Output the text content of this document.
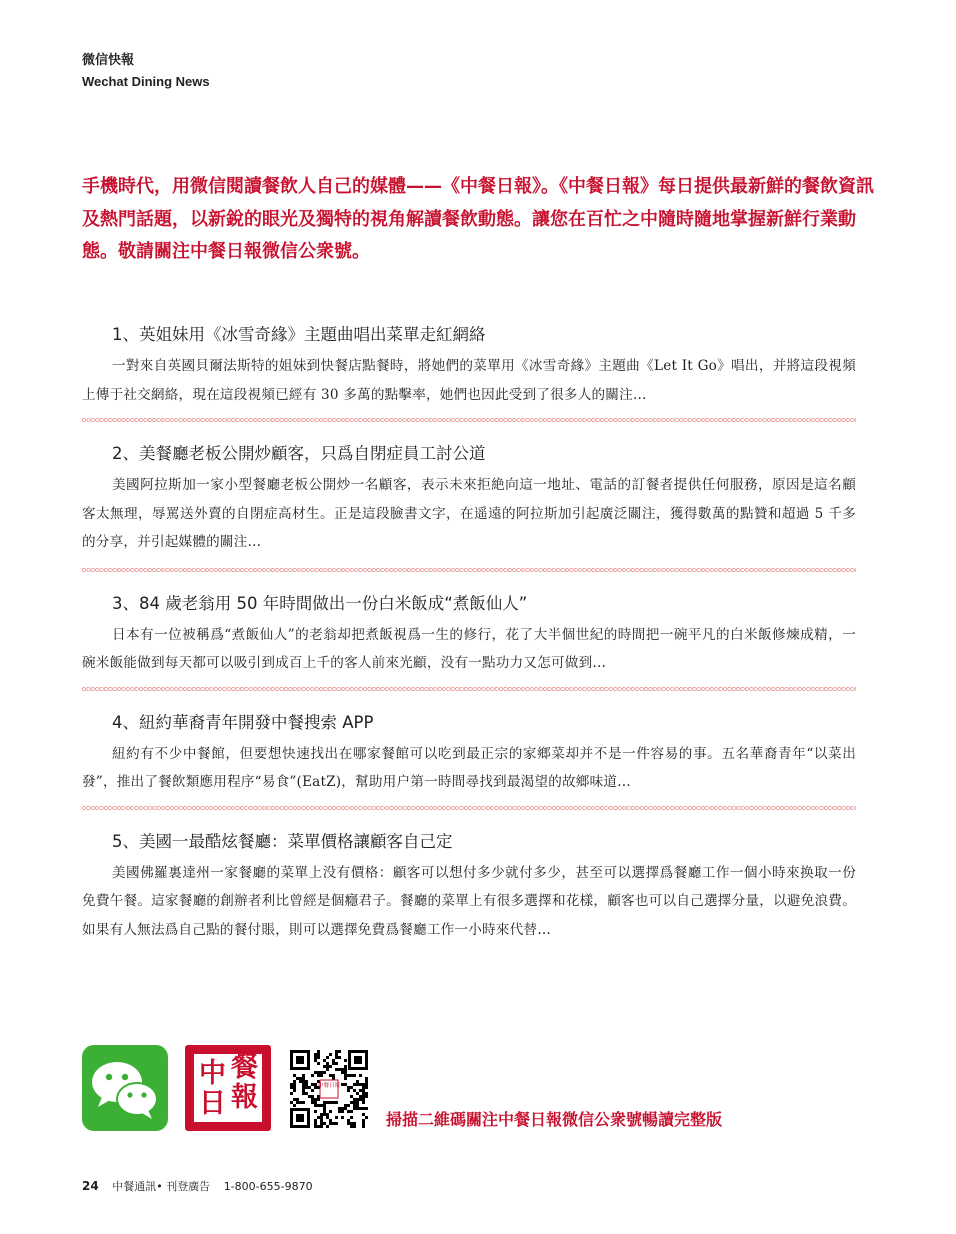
微信快報
Wechat Dining News
手機時代，用微信閱讀餐飲人自己的媒體——《中餐日報》。《中餐日報》每日提供最新鮮的餐飲資訊及熱門話題，以新銳的眼光及獨特的視角解讀餐飲動態。讓您在百忙之中隨時隨地掌握新鮮行業動態。敬請關注中餐日報微信公衆號。
1、英姐妹用《冰雪奇緣》主題曲唱出菜單走紅網絡

一對來自英國貝爾法斯特的姐妹到快餐店點餐時，將她們的菜單用《冰雪奇緣》主題曲《Let It Go》唱出，并將這段視頻上傳于社交網絡，現在這段視頻已經有 30 多萬的點擊率，她們也因此受到了很多人的關注…

2、美餐廳老板公開炒顧客，只爲自閉症員工討公道

美國阿拉斯加一家小型餐廳老板公開炒一名顧客，表示未來拒絶向這一地址、電話的訂餐者提供任何服務，原因是這名顧客太無理，辱罵送外賣的自閉症高材生。正是這段臉書文字，在遥遠的阿拉斯加引起廣泛關注，獲得數萬的點贊和超過 5 千多的分享，并引起媒體的關注…

3、84 歲老翁用 50 年時間做出一份白米飯成“煮飯仙人”

日本有一位被稱爲“煮飯仙人”的老翁却把煮飯視爲一生的修行，花了大半個世紀的時間把一碗平凡的白米飯修煉成精，一碗米飯能做到每天都可以吸引到成百上千的客人前來光顧，没有一點功力又怎可做到…

4、紐約華裔青年開發中餐搜索 APP

紐約有不少中餐館，但要想快速找出在哪家餐館可以吃到最正宗的家鄉菜却并不是一件容易的事。五名華裔青年“以菜出發”，推出了餐飲類應用程序“易食”(EatZ)，幫助用户第一時間尋找到最渴望的故鄉味道…

5、美國一最酷炫餐廳：菜單價格讓顧客自己定

美國佛羅裏達州一家餐廳的菜單上没有價格：顧客可以想付多少就付多少，甚至可以選擇爲餐廳工作一個小時來换取一份免費午餐。這家餐廳的創辦者利比曾經是個癮君子。餐廳的菜單上有很多選擇和花樣，顧客也可以自己選擇分量，以避免浪費。如果有人無法爲自己點的餐付賬，則可以選擇免費爲餐廳工作一小時來代替…

中 餐
日 報	中餐日報
掃描二維碼關注中餐日報微信公衆號暢讀完整版
24 中餐通訊• 刊登廣告 1-800-655-9870
